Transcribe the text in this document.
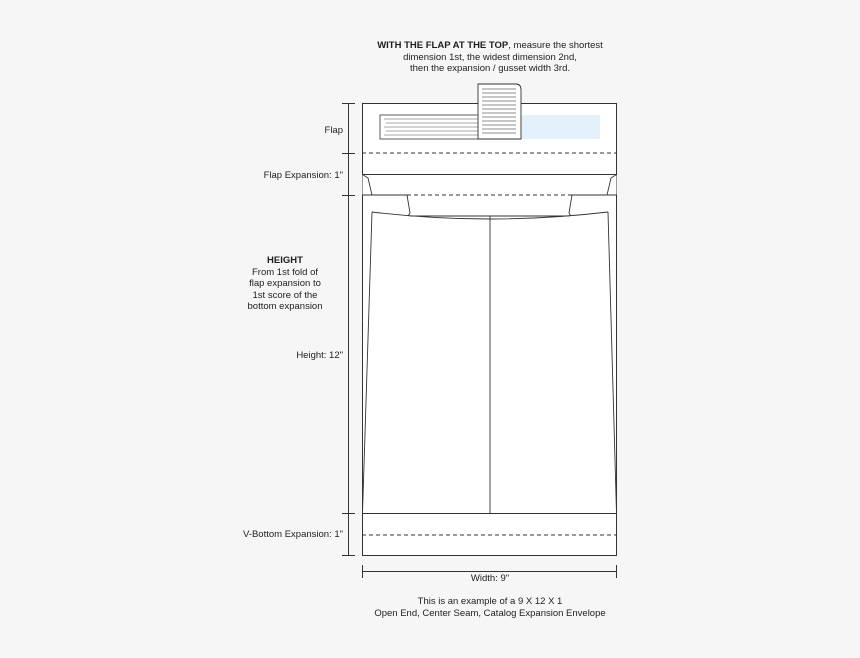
WITH THE FLAP AT THE TOP, measure the shortest
dimension 1st, the widest dimension 2nd,
then the expansion / gusset width 3rd.
Flap
Flap Expansion: 1"
HEIGHT
From 1st fold of
flap expansion to
1st score of the
bottom expansion
Height: 12"
V-Bottom Expansion: 1"
Width: 9"
This is an example of a 9 X 12 X 1
Open End, Center Seam, Catalog Expansion Envelope
